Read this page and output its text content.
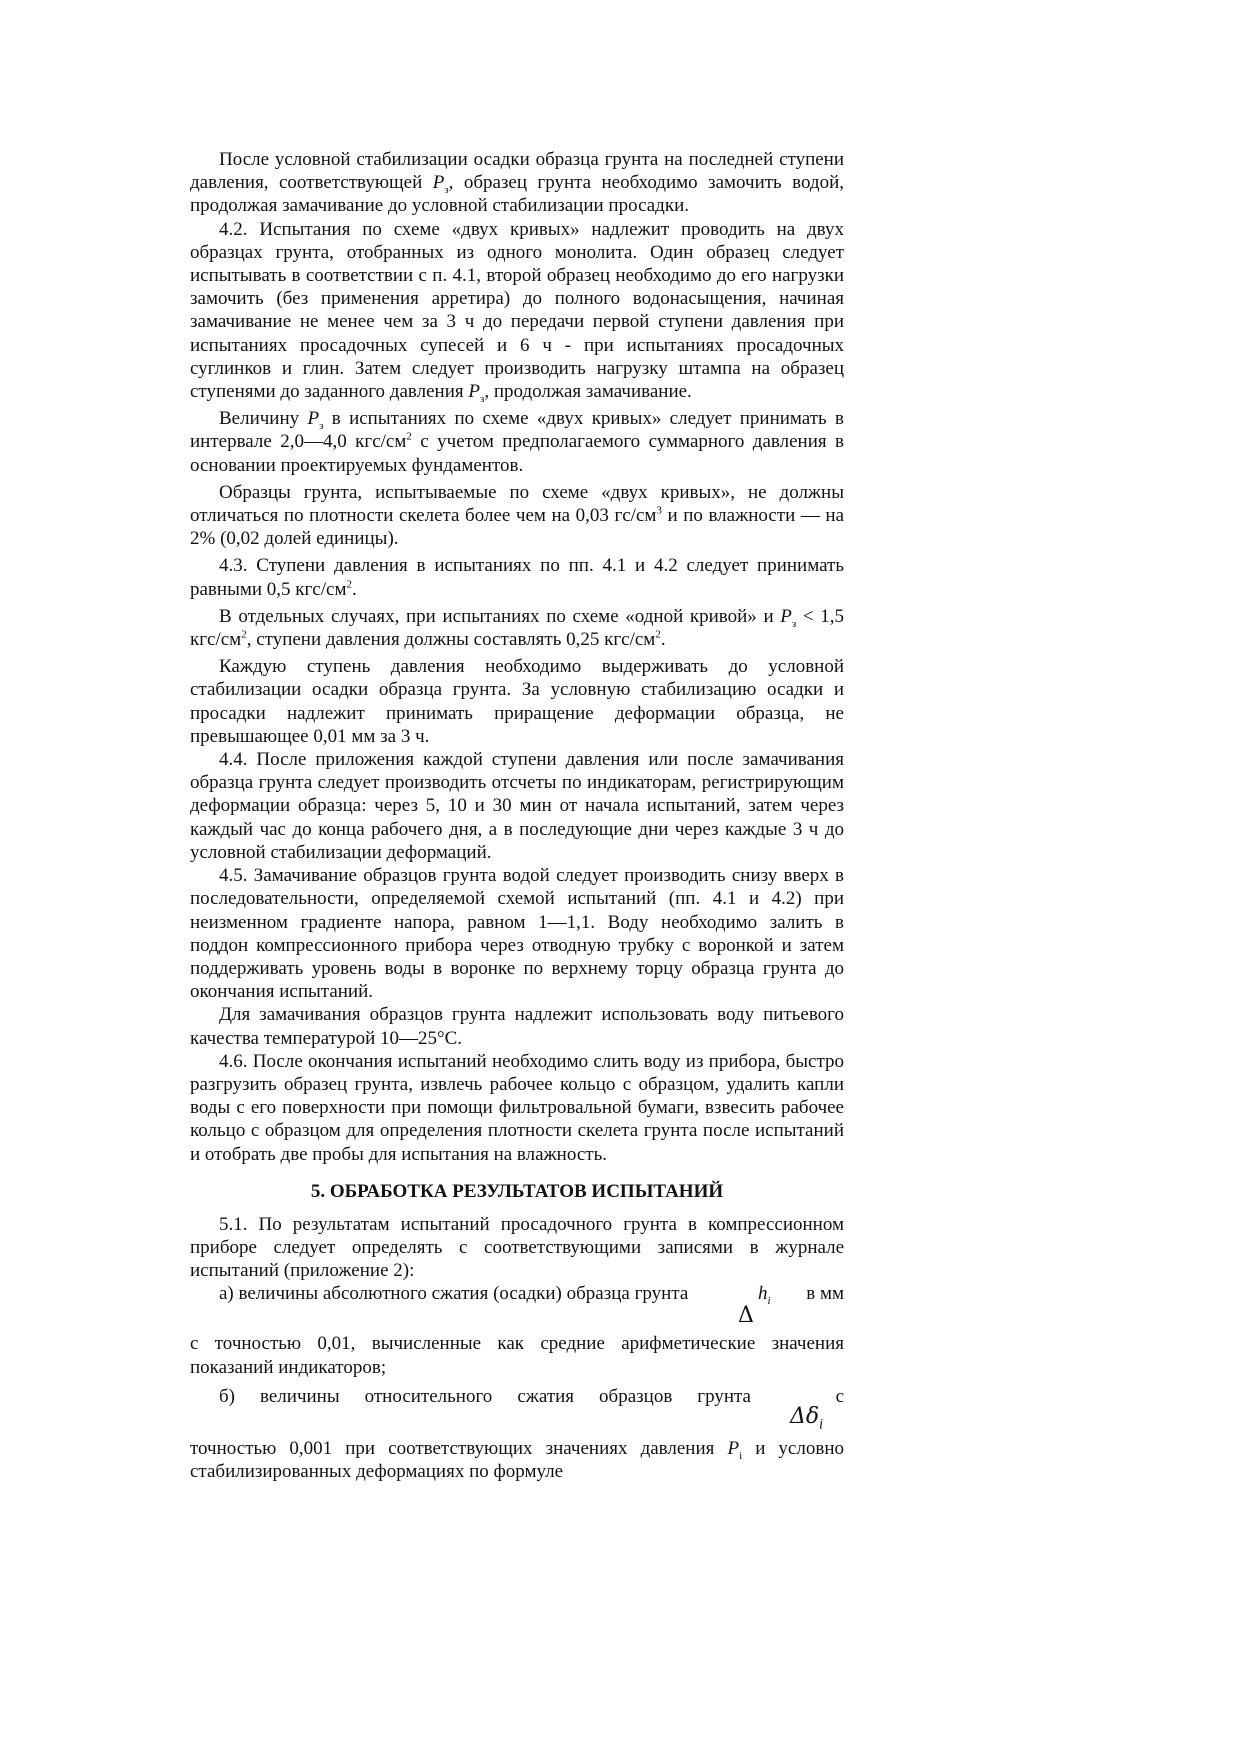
После условной стабилизации осадки образца грунта на последней ступени давления, соответствующей $P_з$, образец грунта необходимо замочить водой, продолжая замачивание до условной стабилизации просадки.

4.2. Испытания по схеме «двух кривых» надлежит проводить на двух образцах грунта, отобранных из одного монолита. Один образец следует испытывать в соответствии с п. 4.1, второй образец необходимо до его нагрузки замочить (без применения арретира) до полного водонасыщения, начиная замачивание не менее чем за 3 ч до передачи первой ступени давления при испытаниях просадочных супесей и 6 ч - при испытаниях просадочных суглинков и глин. Затем следует производить нагрузку штампа на образец ступенями до заданного давления $P_з$, продолжая замачивание.

Величину $P_з$ в испытаниях по схеме «двух кривых» следует принимать в интервале 2,0—4,0 кгс/$см^2$ с учетом предполагаемого суммарного давления в основании проектируемых фундаментов.

Образцы грунта, испытываемые по схеме «двух кривых», не должны отличаться по плотности скелета более чем на 0,03 $гс/см^3$ и по влажности — на 2% (0,02 долей единицы).

4.3. Ступени давления в испытаниях по пп. 4.1 и 4.2 следует принимать равными 0,5 кгс/$см^2$.

В отдельных случаях, при испытаниях по схеме «одной кривой» и $P_з < 1,5$ кгс/$см^2$, ступени давления должны составлять 0,25 кгс/$см^2$.

Каждую ступень давления необходимо выдерживать до условной стабилизации осадки образца грунта. За условную стабилизацию осадки и просадки надлежит принимать приращение деформации образца, не превышающее 0,01 мм за 3 ч.

4.4. После приложения каждой ступени давления или после замачивания образца грунта следует производить отсчеты по индикаторам, регистрирующим деформации образца: через 5, 10 и 30 мин от начала испытаний, затем через каждый час до конца рабочего дня, а в последующие дни через каждые 3 ч до условной стабилизации деформаций.

4.5. Замачивание образцов грунта водой следует производить снизу вверх в последовательности, определяемой схемой испытаний (пп. 4.1 и 4.2) при неизменном градиенте напора, равном 1—1,1. Воду необходимо залить в поддон компрессионного прибора через отводную трубку с воронкой и затем поддерживать уровень воды в воронке по верхнему торцу образца грунта до окончания испытаний.

Для замачивания образцов грунта надлежит использовать воду питьевого качества температурой 10—25°С.

4.6. После окончания испытаний необходимо слить воду из прибора, быстро разгрузить образец грунта, извлечь рабочее кольцо с образцом, удалить капли воды с его поверхности при помощи фильтровальной бумаги, взвесить рабочее кольцо с образцом для определения плотности скелета грунта после испытаний и отобрать две пробы для испытания на влажность.

5. ОБРАБОТКА РЕЗУЛЬТАТОВ ИСПЫТАНИЙ

5.1. По результатам испытаний просадочного грунта в компрессионном приборе следует определять с соответствующими записями в журнале испытаний (приложение 2):

а) величины абсолютного сжатия (осадки) образца грунта	$h_i$
Δ
в мм

с точностью 0,01, вычисленные как средние арифметические значения показаний индикаторов;

б) величины относительного сжатия образцов грунта	с
$\Delta\delta_i$

точностью 0,001 при соответствующих значениях давления $P_i$ и условно стабилизированных деформациях по формуле
